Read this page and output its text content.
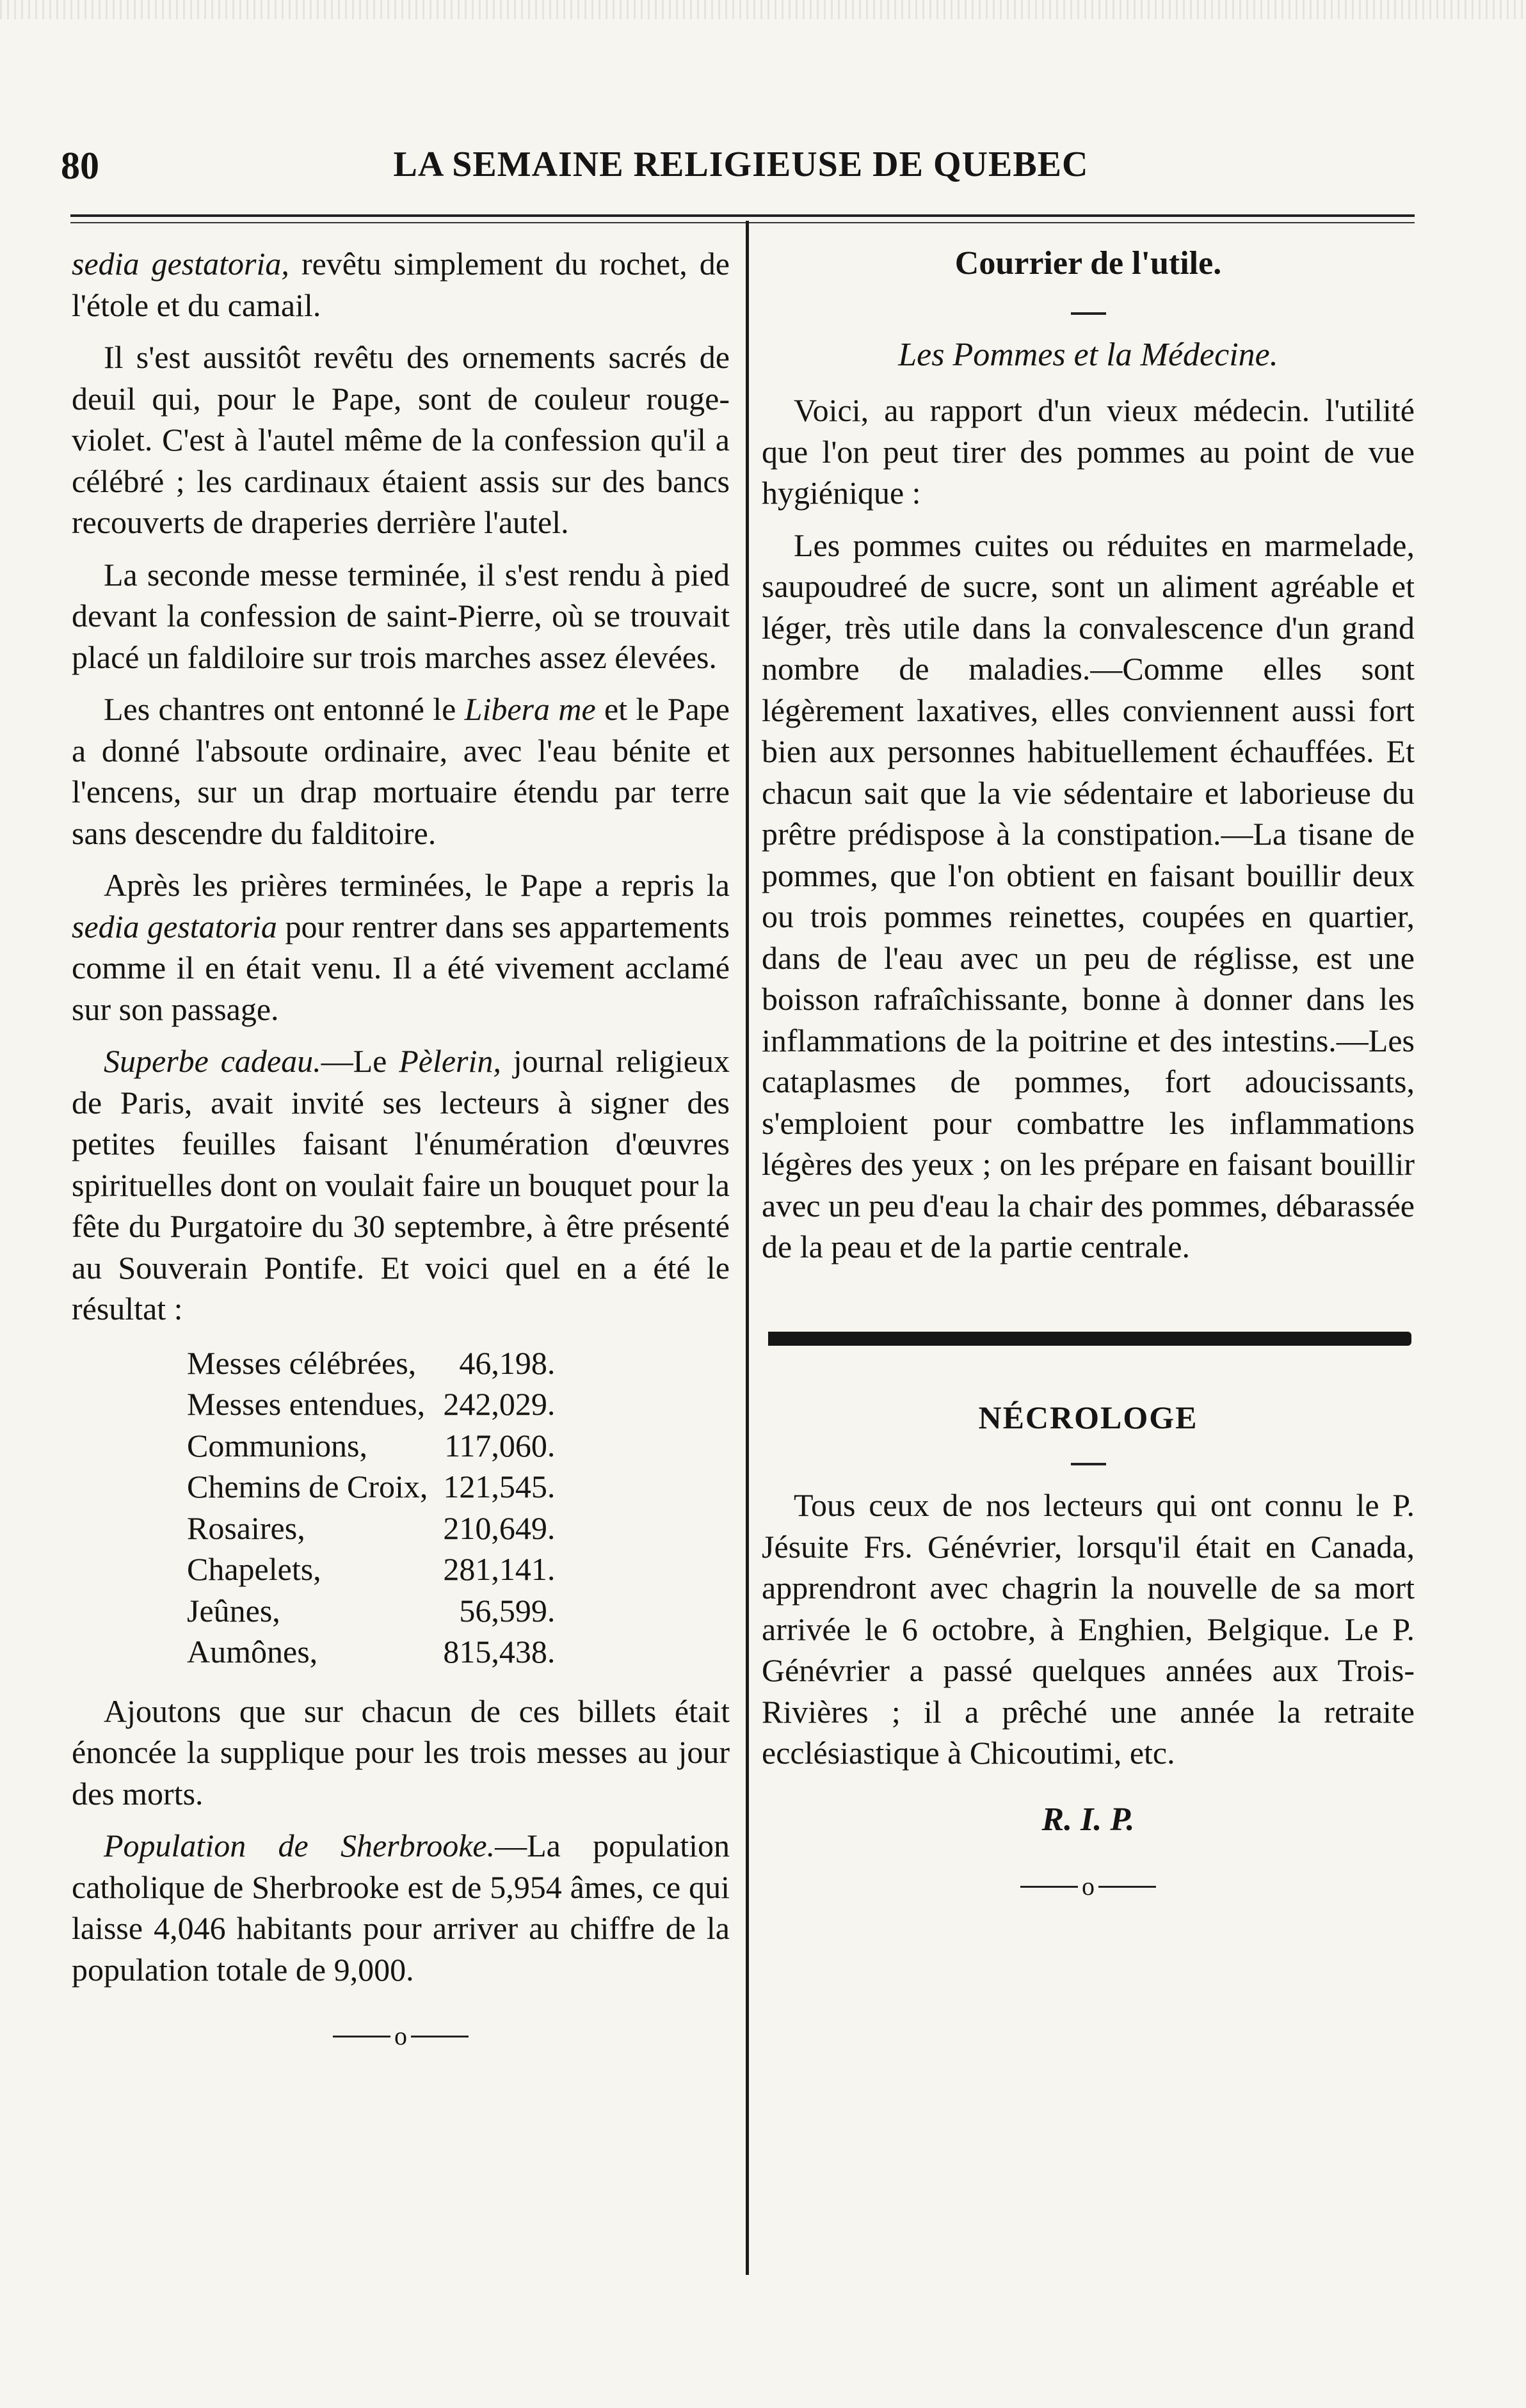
80	LA SEMAINE RELIGIEUSE DE QUEBEC

sedia gestatoria, revêtu simplement du rochet, de l'étole et du camail.

Il s'est aussitôt revêtu des ornements sacrés de deuil qui, pour le Pape, sont de couleur rouge-violet. C'est à l'autel même de la confession qu'il a célébré ; les cardinaux étaient assis sur des bancs recouverts de draperies derrière l'autel.

La seconde messe terminée, il s'est rendu à pied devant la confession de saint-Pierre, où se trouvait placé un faldiloire sur trois marches assez élevées.

Les chantres ont entonné le Libera me et le Pape a donné l'absoute ordinaire, avec l'eau bénite et l'encens, sur un drap mortuaire étendu par terre sans descendre du falditoire.

Après les prières terminées, le Pape a repris la sedia gestatoria pour rentrer dans ses appartements comme il en était venu. Il a été vivement acclamé sur son passage.

Superbe cadeau.—Le Pèlerin, journal religieux de Paris, avait invité ses lecteurs à signer des petites feuilles faisant l'énumération d'œuvres spirituelles dont on voulait faire un bouquet pour la fête du Purgatoire du 30 septembre, à être présenté au Souverain Pontife. Et voici quel en a été le résultat :

Messes célébrées,	46,198.
Messes entendues,	242,029.
Communions,	117,060.
Chemins de Croix,	121,545.
Rosaires,	210,649.
Chapelets,	281,141.
Jeûnes,	56,599.
Aumônes,	815,438.

Ajoutons que sur chacun de ces billets était énoncée la supplique pour les trois messes au jour des morts.

Population de Sherbrooke.—La population catholique de Sherbrooke est de 5,954 âmes, ce qui laisse 4,046 habitants pour arriver au chiffre de la population totale de 9,000.

o
Courrier de l'utile.
Les Pommes et la Médecine.

Voici, au rapport d'un vieux médecin. l'utilité que l'on peut tirer des pommes au point de vue hygiénique :

Les pommes cuites ou réduites en marmelade, saupoudreé de sucre, sont un aliment agréable et léger, très utile dans la convalescence d'un grand nombre de maladies.—Comme elles sont légèrement laxatives, elles conviennent aussi fort bien aux personnes habituellement échauffées. Et chacun sait que la vie sédentaire et laborieuse du prêtre prédispose à la constipation.—La tisane de pommes, que l'on obtient en faisant bouillir deux ou trois pommes reinettes, coupées en quartier, dans de l'eau avec un peu de réglisse, est une boisson rafraîchissante, bonne à donner dans les inflammations de la poitrine et des intestins.—Les cataplasmes de pommes, fort adoucissants, s'emploient pour combattre les inflammations légères des yeux ; on les prépare en faisant bouillir avec un peu d'eau la chair des pommes, débarassée de la peau et de la partie centrale.

NÉCROLOGE

Tous ceux de nos lecteurs qui ont connu le P. Jésuite Frs. Génévrier, lorsqu'il était en Canada, apprendront avec chagrin la nouvelle de sa mort arrivée le 6 octobre, à Enghien, Belgique. Le P. Génévrier a passé quelques années aux Trois-Rivières ; il a prêché une année la retraite ecclésiastique à Chicoutimi, etc.

R. I. P.
o
